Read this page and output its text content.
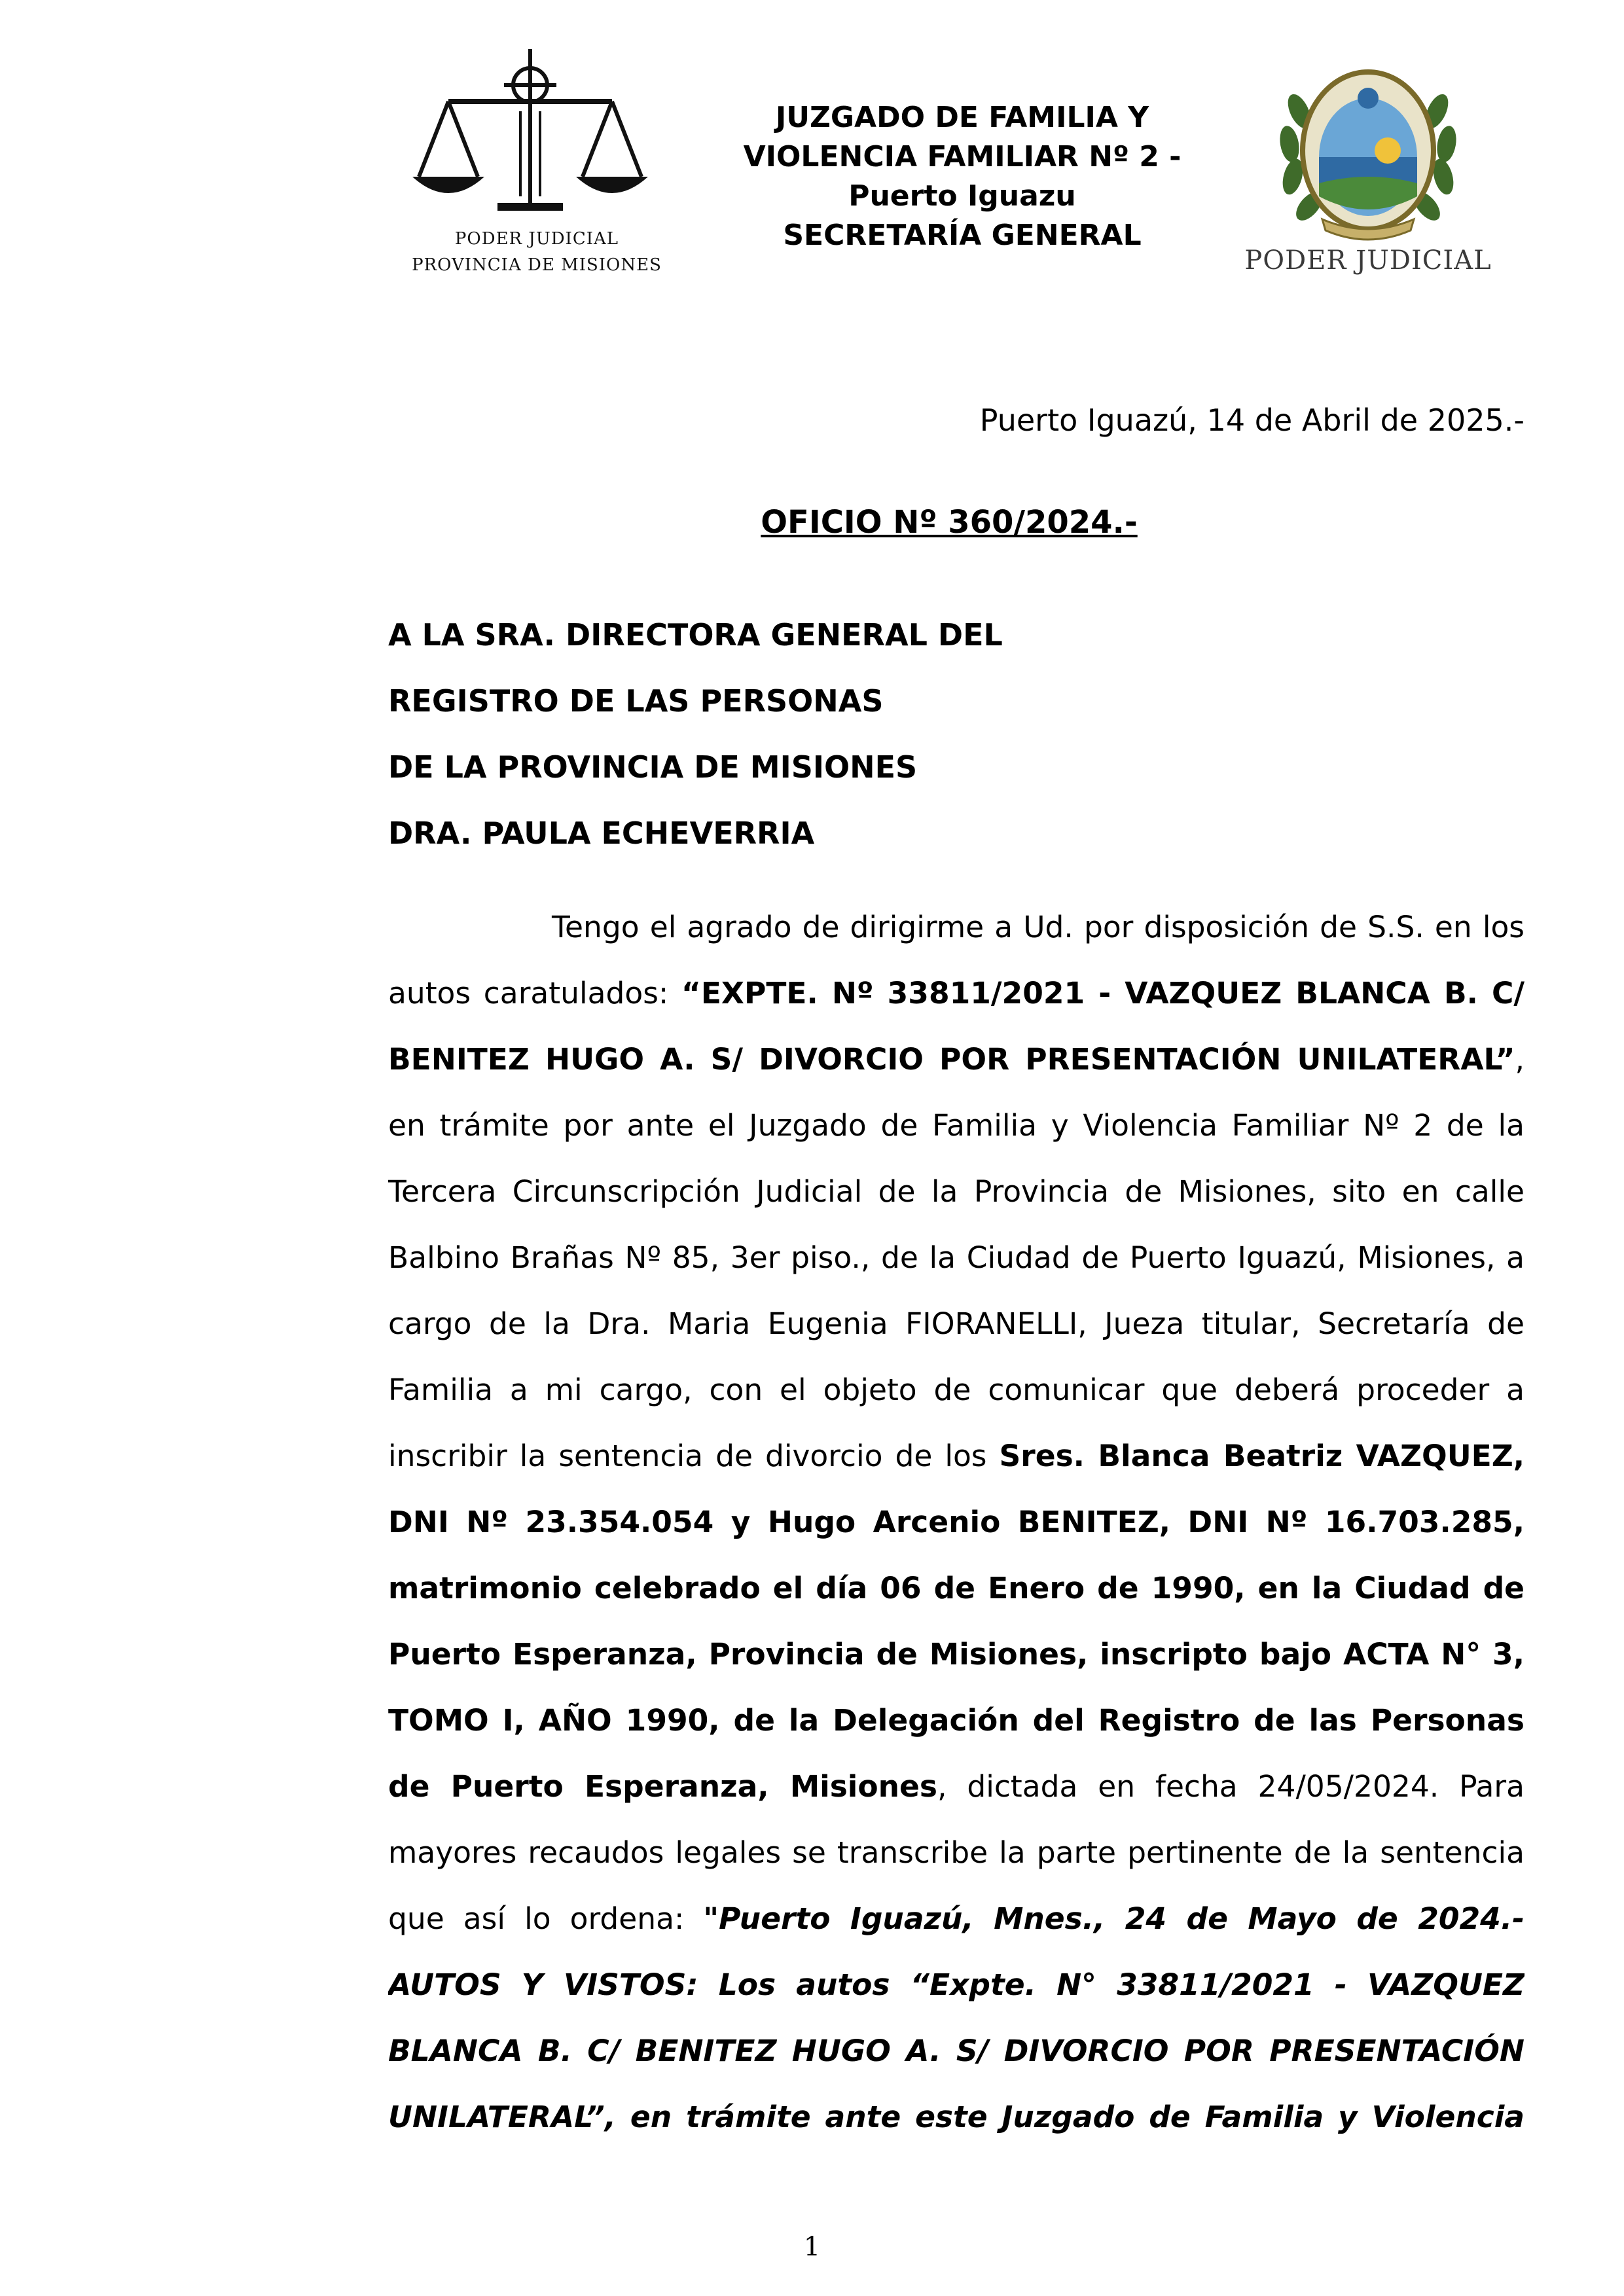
PODER JUDICIAL
PROVINCIA DE MISIONES
JUZGADO DE FAMILIA Y
VIOLENCIA FAMILIAR Nº 2 -
Puerto Iguazu
SECRETARÍA GENERAL
PODER JUDICIAL
Puerto Iguazú, 14 de Abril de 2025.-
OFICIO Nº 360/2024.-
A LA SRA. DIRECTORA GENERAL DEL
REGISTRO DE LAS PERSONAS
DE LA PROVINCIA DE MISIONES
DRA. PAULA ECHEVERRIA
Tengo el agrado de dirigirme a Ud. por disposición de S.S. en los
autos caratulados: “EXPTE. Nº 33811/2021 - VAZQUEZ BLANCA B. C/
BENITEZ HUGO A. S/ DIVORCIO POR PRESENTACIÓN UNILATERAL”,
en trámite por ante el Juzgado de Familia y Violencia Familiar Nº 2 de la
Tercera Circunscripción Judicial de la Provincia de Misiones, sito en calle
Balbino Brañas Nº 85, 3er piso., de la Ciudad de Puerto Iguazú, Misiones, a
cargo de la Dra. Maria Eugenia FIORANELLI, Jueza titular, Secretaría de
Familia a mi cargo, con el objeto de comunicar que deberá proceder a
inscribir la sentencia de divorcio de los Sres. Blanca Beatriz VAZQUEZ,
DNI Nº 23.354.054 y Hugo Arcenio BENITEZ, DNI Nº 16.703.285,
matrimonio celebrado el día 06 de Enero de 1990, en la Ciudad de
Puerto Esperanza, Provincia de Misiones, inscripto bajo ACTA N° 3,
TOMO I, AÑO 1990, de la Delegación del Registro de las Personas
de Puerto Esperanza, Misiones, dictada en fecha 24/05/2024. Para
mayores recaudos legales se transcribe la parte pertinente de la sentencia
que así lo ordena: "Puerto Iguazú, Mnes., 24 de Mayo de 2024.-
AUTOS Y VISTOS: Los autos “Expte. N° 33811/2021 - VAZQUEZ
BLANCA B. C/ BENITEZ HUGO A. S/ DIVORCIO POR PRESENTACIÓN
UNILATERAL”, en trámite ante este Juzgado de Familia y Violencia
1
